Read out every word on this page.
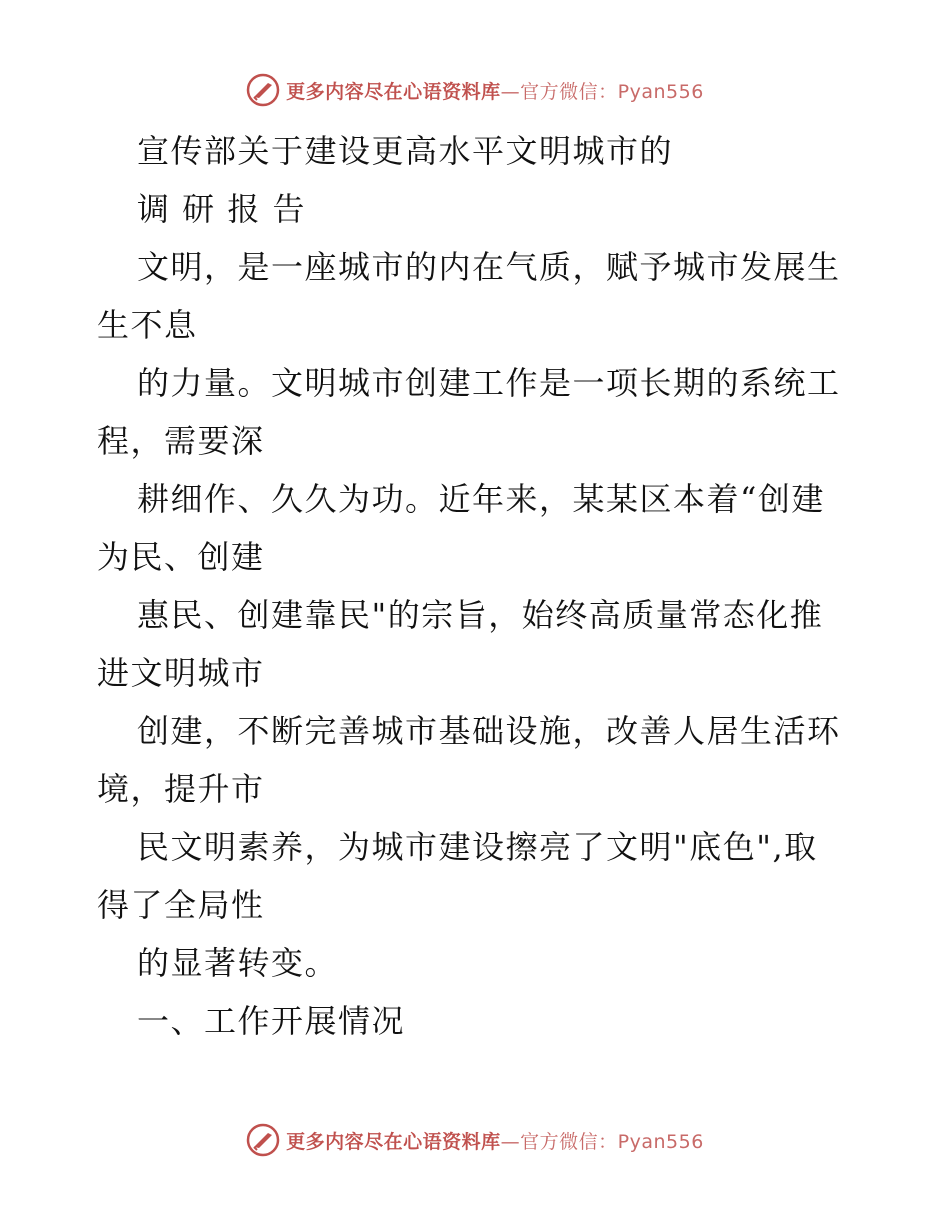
更多内容尽在心语资料库—官方微信：Pyan556
宣传部关于建设更高水平文明城市的
调 研 报 告
文明，是一座城市的内在气质，赋予城市发展生
生不息
的力量。文明城市创建工作是一项长期的系统工
程，需要深
耕细作、久久为功。近年来，某某区本着“创建
为民、创建
惠民、创建靠民"的宗旨，始终高质量常态化推
进文明城市
创建，不断完善城市基础设施，改善人居生活环
境，提升市
民文明素养，为城市建设擦亮了文明"底色",取
得了全局性
的显著转变。
一、工作开展情况
更多内容尽在心语资料库—官方微信：Pyan556
